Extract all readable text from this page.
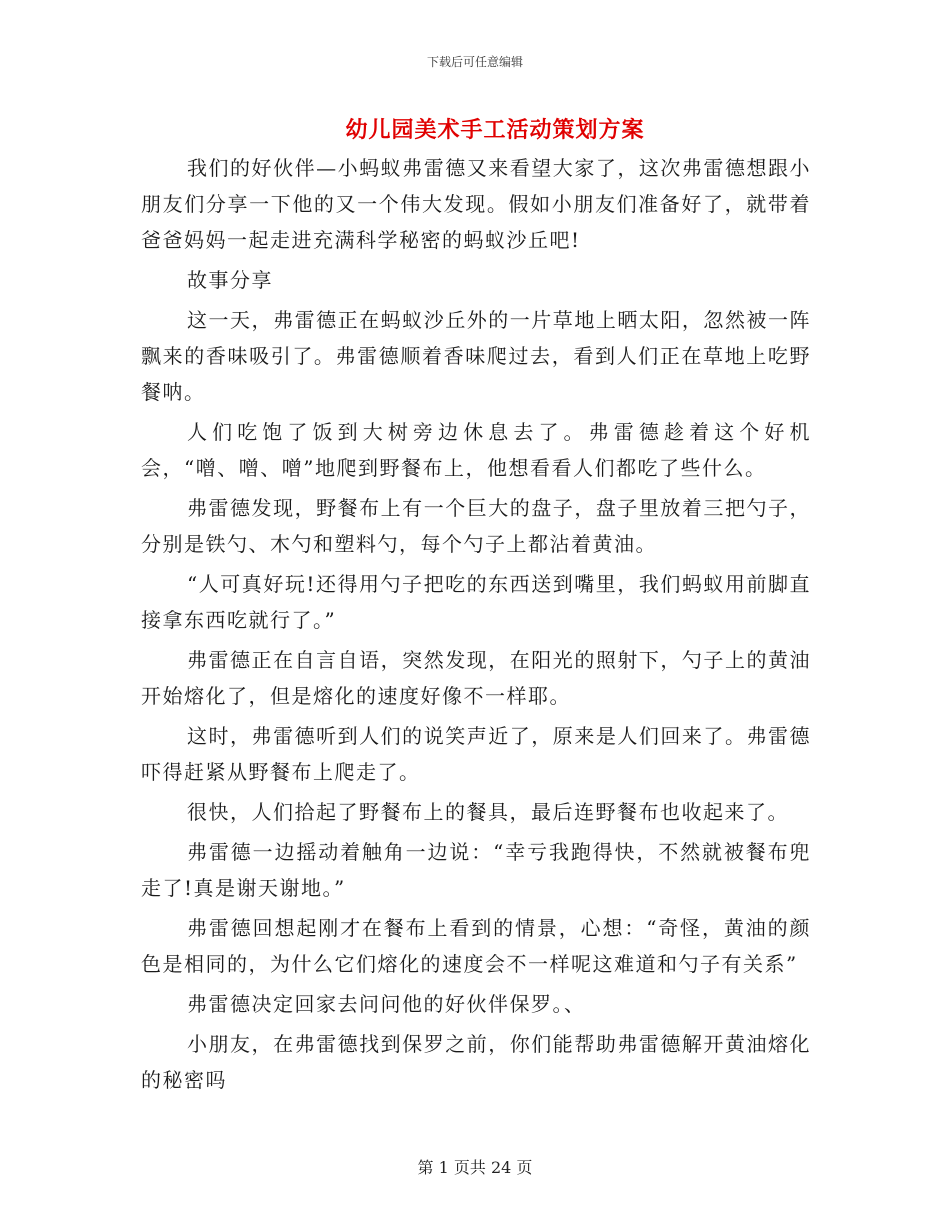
下载后可任意编辑
幼儿园美术手工活动策划方案

我们的好伙伴—小蚂蚁弗雷德又来看望大家了，这次弗雷德想跟小朋友们分享一下他的又一个伟大发现。假如小朋友们准备好了，就带着爸爸妈妈一起走进充满科学秘密的蚂蚁沙丘吧!

故事分享

这一天，弗雷德正在蚂蚁沙丘外的一片草地上晒太阳，忽然被一阵飘来的香味吸引了。弗雷德顺着香味爬过去，看到人们正在草地上吃野餐呐。

人们吃饱了饭到大树旁边休息去了。弗雷德趁着这个好机会，“噌、噌、噌”地爬到野餐布上，他想看看人们都吃了些什么。

弗雷德发现，野餐布上有一个巨大的盘子，盘子里放着三把勺子，分别是铁勺、木勺和塑料勺，每个勺子上都沾着黄油。

“人可真好玩!还得用勺子把吃的东西送到嘴里，我们蚂蚁用前脚直接拿东西吃就行了。”

弗雷德正在自言自语，突然发现，在阳光的照射下，勺子上的黄油开始熔化了，但是熔化的速度好像不一样耶。

这时，弗雷德听到人们的说笑声近了，原来是人们回来了。弗雷德吓得赶紧从野餐布上爬走了。

很快，人们拾起了野餐布上的餐具，最后连野餐布也收起来了。

弗雷德一边摇动着触角一边说：“幸亏我跑得快，不然就被餐布兜走了!真是谢天谢地。”

弗雷德回想起刚才在餐布上看到的情景，心想：“奇怪，黄油的颜色是相同的，为什么它们熔化的速度会不一样呢这难道和勺子有关系”

弗雷德决定回家去问问他的好伙伴保罗。、

小朋友，在弗雷德找到保罗之前，你们能帮助弗雷德解开黄油熔化的秘密吗

第 1 页共 24 页
